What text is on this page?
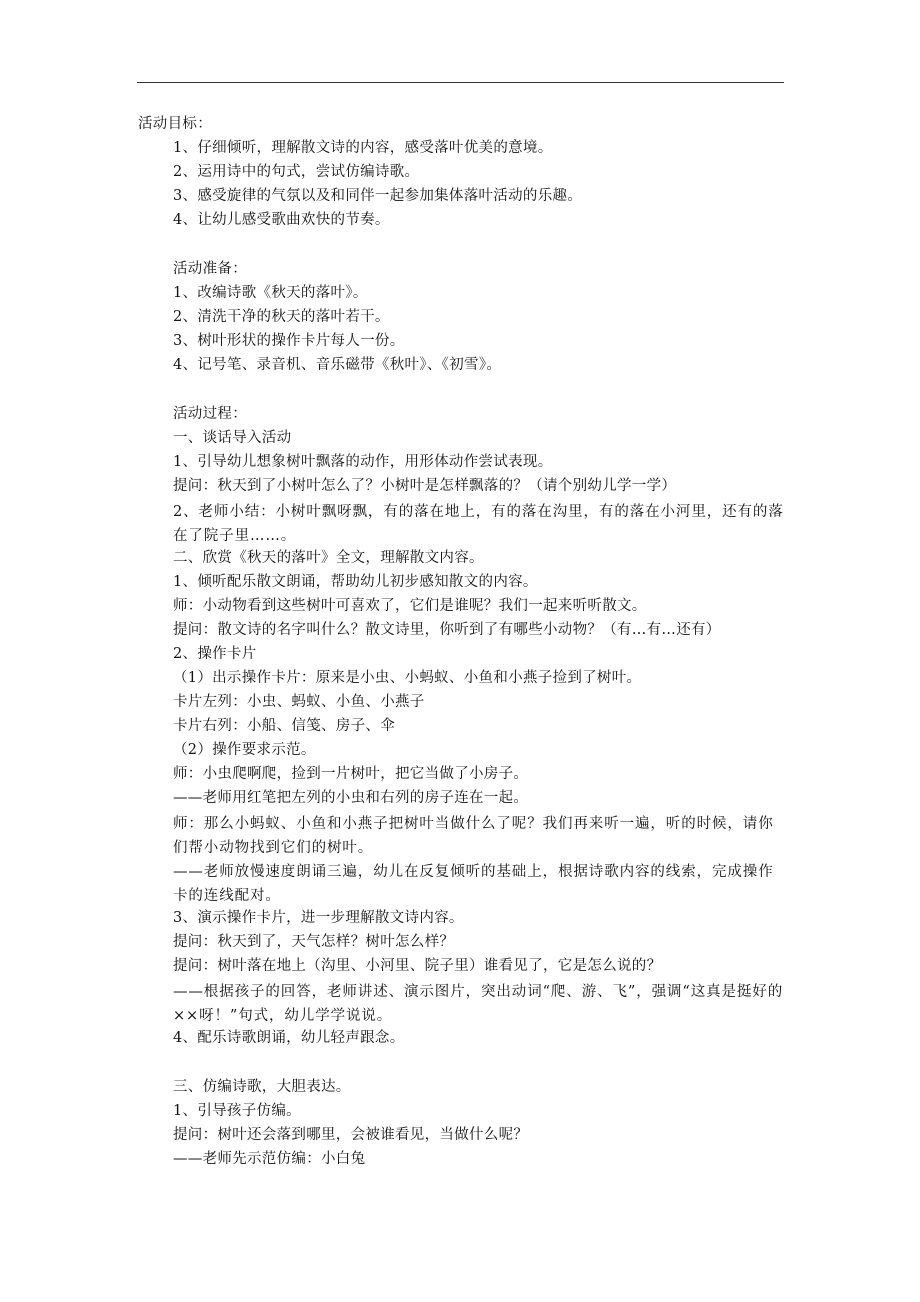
活动目标：
1、仔细倾听，理解散文诗的内容，感受落叶优美的意境。
2、运用诗中的句式，尝试仿编诗歌。
3、感受旋律的气氛以及和同伴一起参加集体落叶活动的乐趣。
4、让幼儿感受歌曲欢快的节奏。
活动准备：
1、改编诗歌《秋天的落叶》。
2、清洗干净的秋天的落叶若干。
3、树叶形状的操作卡片每人一份。
4、记号笔、录音机、音乐磁带《秋叶》、《初雪》。
活动过程：
一、谈话导入活动
1、引导幼儿想象树叶飘落的动作，用形体动作尝试表现。
提问：秋天到了小树叶怎么了？小树叶是怎样飘落的？（请个别幼儿学一学）
2、老师小结：小树叶飘呀飘，有的落在地上，有的落在沟里，有的落在小河里，还有的落在了院子里……。
二、欣赏《秋天的落叶》全文，理解散文内容。
1、倾听配乐散文朗诵，帮助幼儿初步感知散文的内容。
师：小动物看到这些树叶可喜欢了，它们是谁呢？我们一起来听听散文。
提问：散文诗的名字叫什么？散文诗里，你听到了有哪些小动物？（有…有…还有）
2、操作卡片
（1）出示操作卡片：原来是小虫、小蚂蚁、小鱼和小燕子捡到了树叶。
卡片左列：小虫、蚂蚁、小鱼、小燕子
卡片右列：小船、信笺、房子、伞
（2）操作要求示范。
师：小虫爬啊爬，捡到一片树叶，把它当做了小房子。
——老师用红笔把左列的小虫和右列的房子连在一起。
师：那么小蚂蚁、小鱼和小燕子把树叶当做什么了呢？我们再来听一遍，听的时候，请你们帮小动物找到它们的树叶。
——老师放慢速度朗诵三遍，幼儿在反复倾听的基础上，根据诗歌内容的线索，完成操作卡的连线配对。
3、演示操作卡片，进一步理解散文诗内容。
提问：秋天到了，天气怎样？树叶怎么样？
提问：树叶落在地上（沟里、小河里、院子里）谁看见了，它是怎么说的？
——根据孩子的回答，老师讲述、演示图片，突出动词“爬、游、飞”，强调“这真是挺好的××呀！”句式，幼儿学学说说。
4、配乐诗歌朗诵，幼儿轻声跟念。
三、仿编诗歌，大胆表达。
1、引导孩子仿编。
提问：树叶还会落到哪里，会被谁看见，当做什么呢？
——老师先示范仿编：小白兔
